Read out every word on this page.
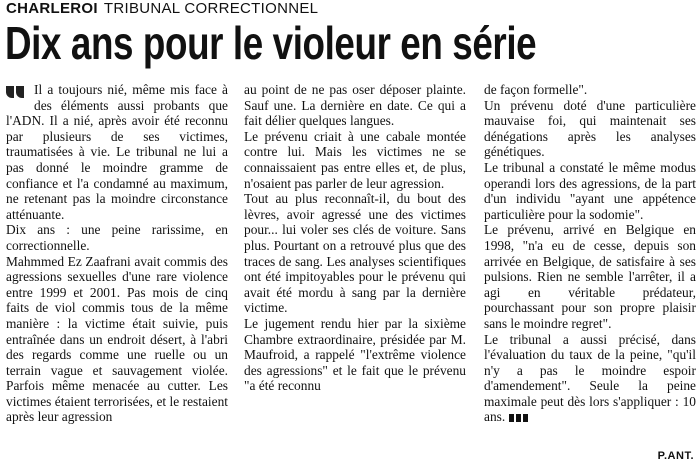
CHARLEROI TRIBUNAL CORRECTIONNEL
Dix ans pour le violeur en série

Il a toujours nié, même mis face à des éléments aussi probants que l'ADN. Il a nié, après avoir été reconnu par plusieurs de ses victimes, traumatisées à vie. Le tribunal ne lui a pas donné le moindre gramme de confiance et l'a condamné au maximum, ne retenant pas la moindre circonstance atténuante.

Dix ans : une peine rarissime, en correctionnelle.

Mahmmed Ez Zaafrani avait commis des agressions sexuelles d'une rare violence entre 1999 et 2001. Pas mois de cinq faits de viol commis tous de la même manière : la victime était suivie, puis entraînée dans un endroit désert, à l'abri des regards comme une ruelle ou un terrain vague et sauvagement violée. Parfois même menacée au cutter. Les victimes étaient terrorisées, et le restaient après leur agression

au point de ne pas oser déposer plainte. Sauf une. La dernière en date. Ce qui a fait délier quelques langues.

Le prévenu criait à une cabale montée contre lui. Mais les victimes ne se connaissaient pas entre elles et, de plus, n'osaient pas parler de leur agression.

Tout au plus reconnaît-il, du bout des lèvres, avoir agressé une des victimes pour... lui voler ses clés de voiture. Sans plus. Pourtant on a retrouvé plus que des traces de sang. Les analyses scientifiques ont été impitoyables pour le prévenu qui avait été mordu à sang par la dernière victime.

Le jugement rendu hier par la sixième Chambre extraordinaire, présidée par M. Maufroid, a rappelé "l'extrême violence des agressions" et le fait que le prévenu "a été reconnu

de façon formelle".

Un prévenu doté d'une particulière mauvaise foi, qui maintenait ses dénégations après les analyses génétiques.

Le tribunal a constaté le même modus operandi lors des agressions, de la part d'un individu "ayant une appétence particulière pour la sodomie".

Le prévenu, arrivé en Belgique en 1998, "n'a eu de cesse, depuis son arrivée en Belgique, de satisfaire à ses pulsions. Rien ne semble l'arrêter, il a agi en véritable prédateur, pourchassant pour son propre plaisir sans le moindre regret".

Le tribunal a aussi précisé, dans l'évaluation du taux de la peine, "qu'il n'y a pas le moindre espoir d'amendement". Seule la peine maximale peut dès lors s'appliquer : 10 ans.

P.ANT.
